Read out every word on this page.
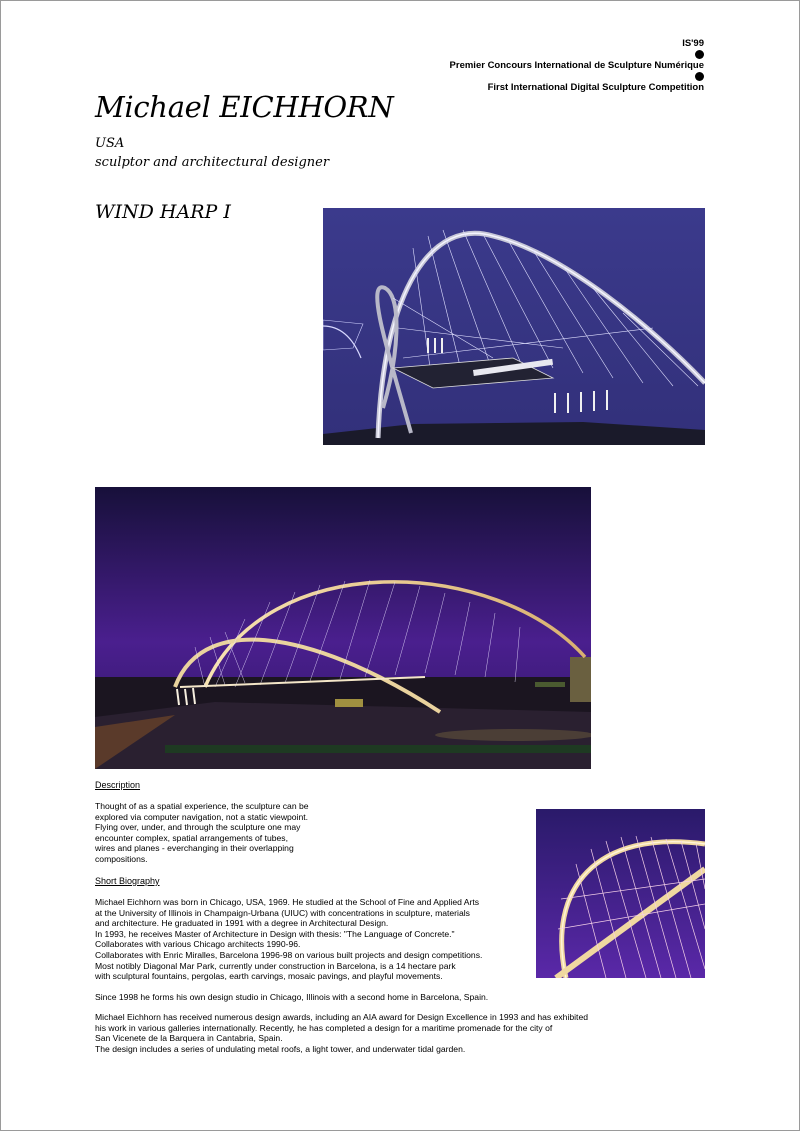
IS'99
Premier Concours International de Sculpture Numérique
First International Digital Sculpture Competition
Michael EICHHORN
USA
sculptor and architectural designer
WIND HARP I
Description

Thought of as a spatial experience, the sculpture can be

explored via computer navigation, not a static viewpoint.

Flying over, under, and through the sculpture one may

encounter complex, spatial arrangements of tubes,

wires and planes - everchanging in their overlapping

compositions.

Short Biography

Michael Eichhorn was born in Chicago, USA, 1969. He studied at the School of Fine and Applied Arts

at the University of Illinois in Champaign-Urbana (UIUC) with concentrations in sculpture, materials

and architecture. He graduated in 1991 with a degree in Architectural Design.

In 1993, he receives Master of Architecture in Design with thesis: "The Language of Concrete."

Collaborates with various Chicago architects 1990-96.

Collaborates with Enric Miralles, Barcelona 1996-98 on various built projects and design competitions.

Most notibly Diagonal Mar Park, currently under construction in Barcelona, is a 14 hectare park

with sculptural fountains, pergolas, earth carvings, mosaic pavings, and playful movements.

Since 1998 he forms his own design studio in Chicago, Illinois with a second home in Barcelona, Spain.

Michael Eichhorn has received numerous design awards, including an AIA award for Design Excellence in 1993 and has exhibited

his work in various galleries internationally. Recently, he has completed a design for a maritime promenade for the city of

San Vicenete de la Barquera in Cantabria, Spain.

The design includes a series of undulating metal roofs, a light tower, and underwater tidal garden.
